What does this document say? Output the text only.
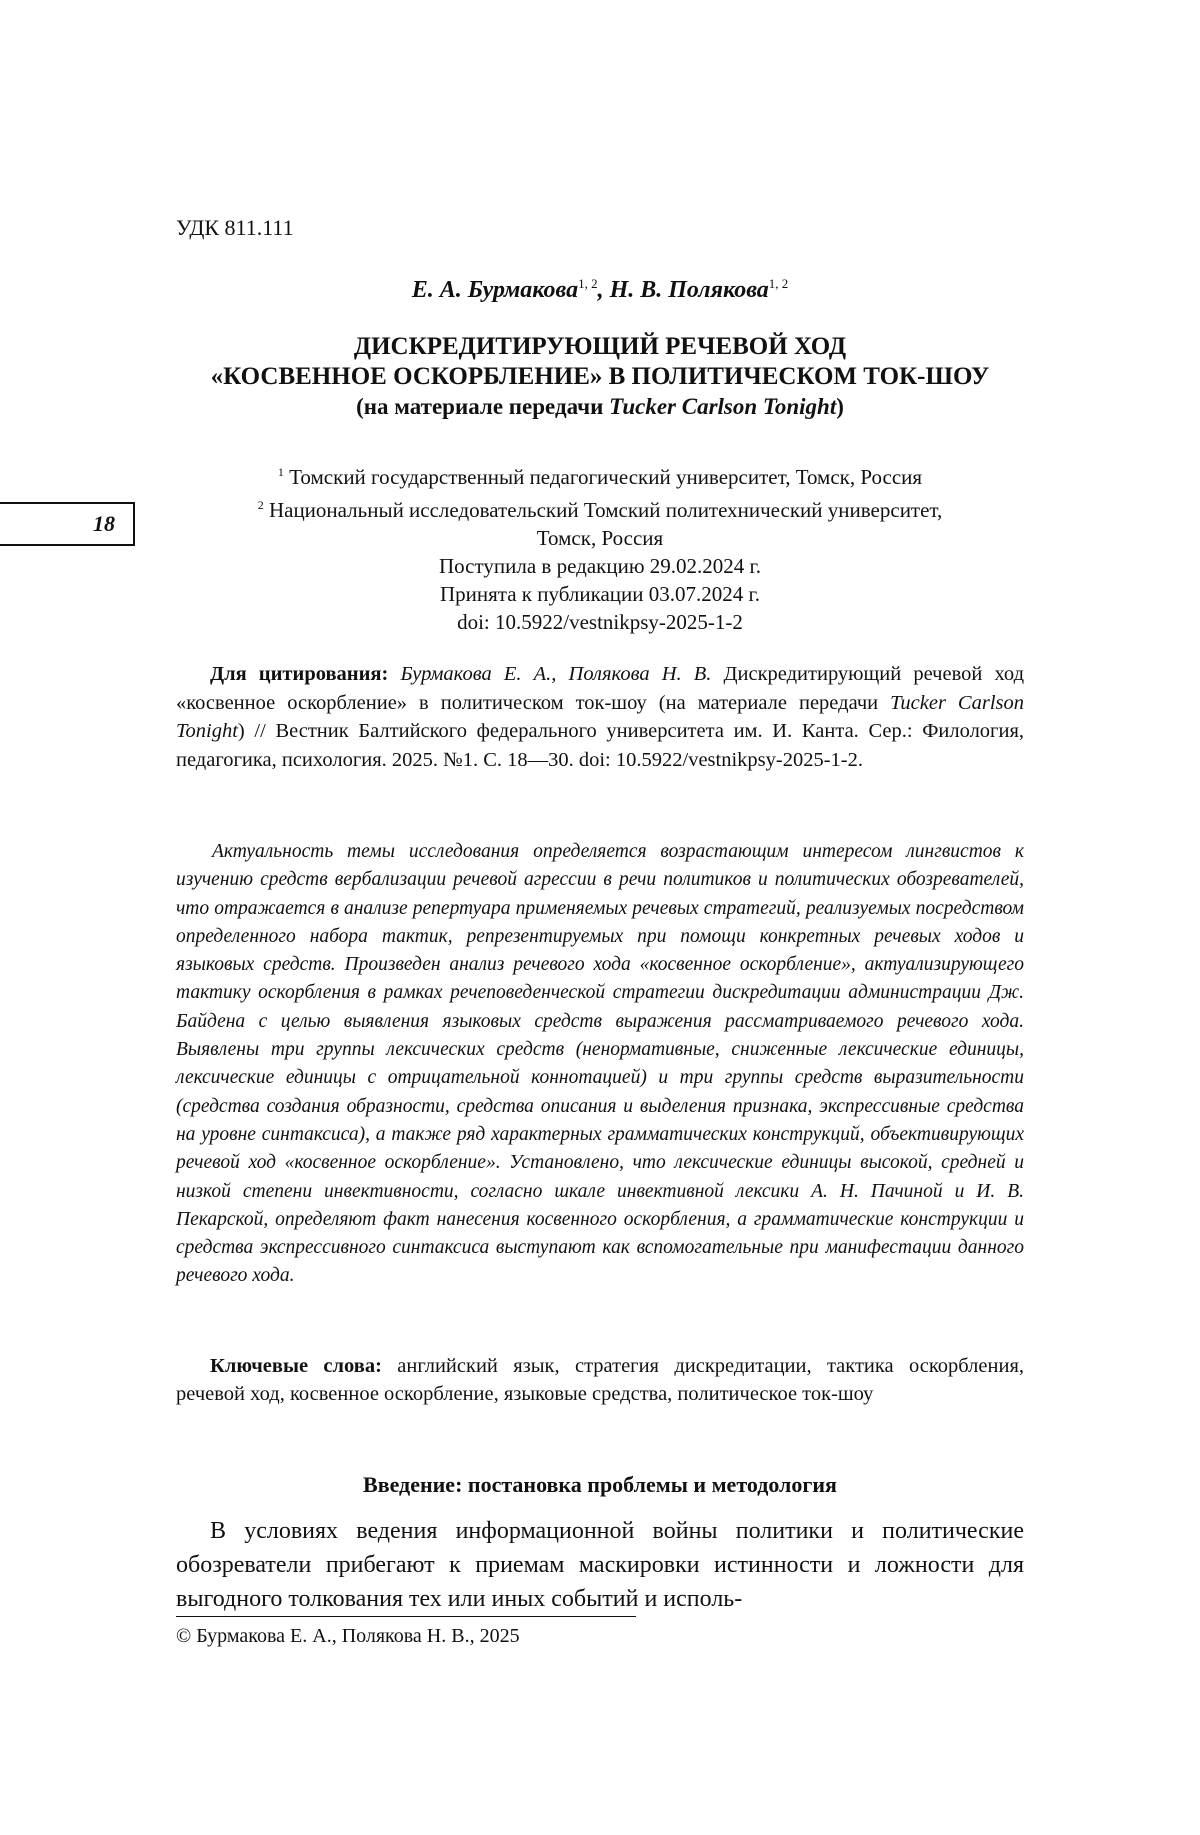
УДК 811.111
Е. А. Бурмакова$^{1, 2}$, Н. В. Полякова$^{1, 2}$
ДИСКРЕДИТИРУЮЩИЙ РЕЧЕВОЙ ХОД
«КОСВЕННОЕ ОСКОРБЛЕНИЕ» В ПОЛИТИЧЕСКОМ ТОК-ШОУ
(на материале передачи Tucker Carlson Tonight)
$^1$ Томский государственный педагогический университет, Томск, Россия
$^2$ Национальный исследовательский Томский политехнический университет,
Томск, Россия
Поступила в редакцию 29.02.2024 г.
Принята к публикации 03.07.2024 г.
doi: 10.5922/vestnikpsy-2025-1-2
18

Для цитирования: Бурмакова Е. А., Полякова Н. В. Дискредитирующий речевой ход «косвенное оскорбление» в политическом ток-шоу (на материале передачи Tucker Carlson Tonight) // Вестник Балтийского федерального университета им. И. Канта. Сер.: Филология, педагогика, психология. 2025. №1. С. 18—30. doi: 10.5922/vestnikpsy-2025-1-2.

Актуальность темы исследования определяется возрастающим интересом лингвистов к изучению средств вербализации речевой агрессии в речи политиков и политических обозревателей, что отражается в анализе репертуара применяемых речевых стратегий, реализуемых посредством определенного набора тактик, репрезентируемых при помощи конкретных речевых ходов и языковых средств. Произведен анализ речевого хода «косвенное оскорбление», актуализирующего тактику оскорбления в рамках речеповеденческой стратегии дискредитации администрации Дж. Байдена с целью выявления языковых средств выражения рассматриваемого речевого хода. Выявлены три группы лексических средств (ненормативные, сниженные лексические единицы, лексические единицы с отрицательной коннотацией) и три группы средств выразительности (средства создания образности, средства описания и выделения признака, экспрессивные средства на уровне синтаксиса), а также ряд характерных грамматических конструкций, объективирующих речевой ход «косвенное оскорбление». Установлено, что лексические единицы высокой, средней и низкой степени инвективности, согласно шкале инвективной лексики А. Н. Пачиной и И. В. Пекарской, определяют факт нанесения косвенного оскорбления, а грамматические конструкции и средства экспрессивного синтаксиса выступают как вспомогательные при манифестации данного речевого хода.

Ключевые слова: английский язык, стратегия дискредитации, тактика оскорбления, речевой ход, косвенное оскорбление, языковые средства, политическое ток-шоу

Введение: постановка проблемы и методология

В условиях ведения информационной войны политики и политические обозреватели прибегают к приемам маскировки истинности и ложности для выгодного толкования тех или иных событий и исполь-

© Бурмакова Е. А., Полякова Н. В., 2025
